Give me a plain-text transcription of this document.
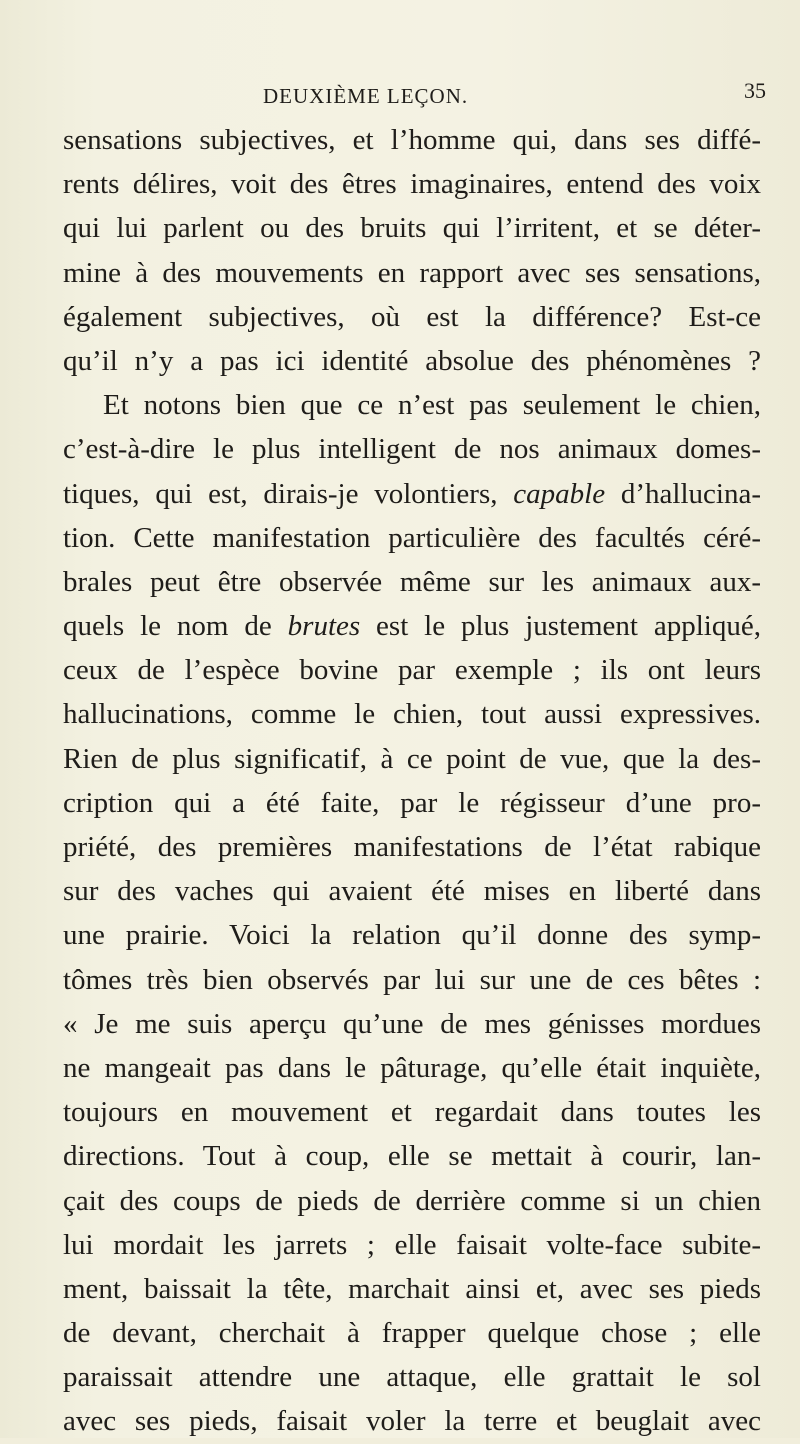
DEUXIÈME LEÇON.	35
sensations subjectives, et l’homme qui, dans ses diffé-
rents délires, voit des êtres imaginaires, entend des voix
qui lui parlent ou des bruits qui l’irritent, et se déter-
mine à des mouvements en rapport avec ses sensations,
également subjectives, où est la différence? Est-ce
qu’il n’y a pas ici identité absolue des phénomènes ?
Et notons bien que ce n’est pas seulement le chien,
c’est-à-dire le plus intelligent de nos animaux domes-
tiques, qui est, dirais-je volontiers, capable d’hallucina-
tion. Cette manifestation particulière des facultés céré-
brales peut être observée même sur les animaux aux-
quels le nom de brutes est le plus justement appliqué,
ceux de l’espèce bovine par exemple ; ils ont leurs
hallucinations, comme le chien, tout aussi expressives.
Rien de plus significatif, à ce point de vue, que la des-
cription qui a été faite, par le régisseur d’une pro-
priété, des premières manifestations de l’état rabique
sur des vaches qui avaient été mises en liberté dans
une prairie. Voici la relation qu’il donne des symp-
tômes très bien observés par lui sur une de ces bêtes :
« Je me suis aperçu qu’une de mes génisses mordues
ne mangeait pas dans le pâturage, qu’elle était inquiète,
toujours en mouvement et regardait dans toutes les
directions. Tout à coup, elle se mettait à courir, lan-
çait des coups de pieds de derrière comme si un chien
lui mordait les jarrets ; elle faisait volte-face subite-
ment, baissait la tête, marchait ainsi et, avec ses pieds
de devant, cherchait à frapper quelque chose ; elle
paraissait attendre une attaque, elle grattait le sol
avec ses pieds, faisait voler la terre et beuglait avec
